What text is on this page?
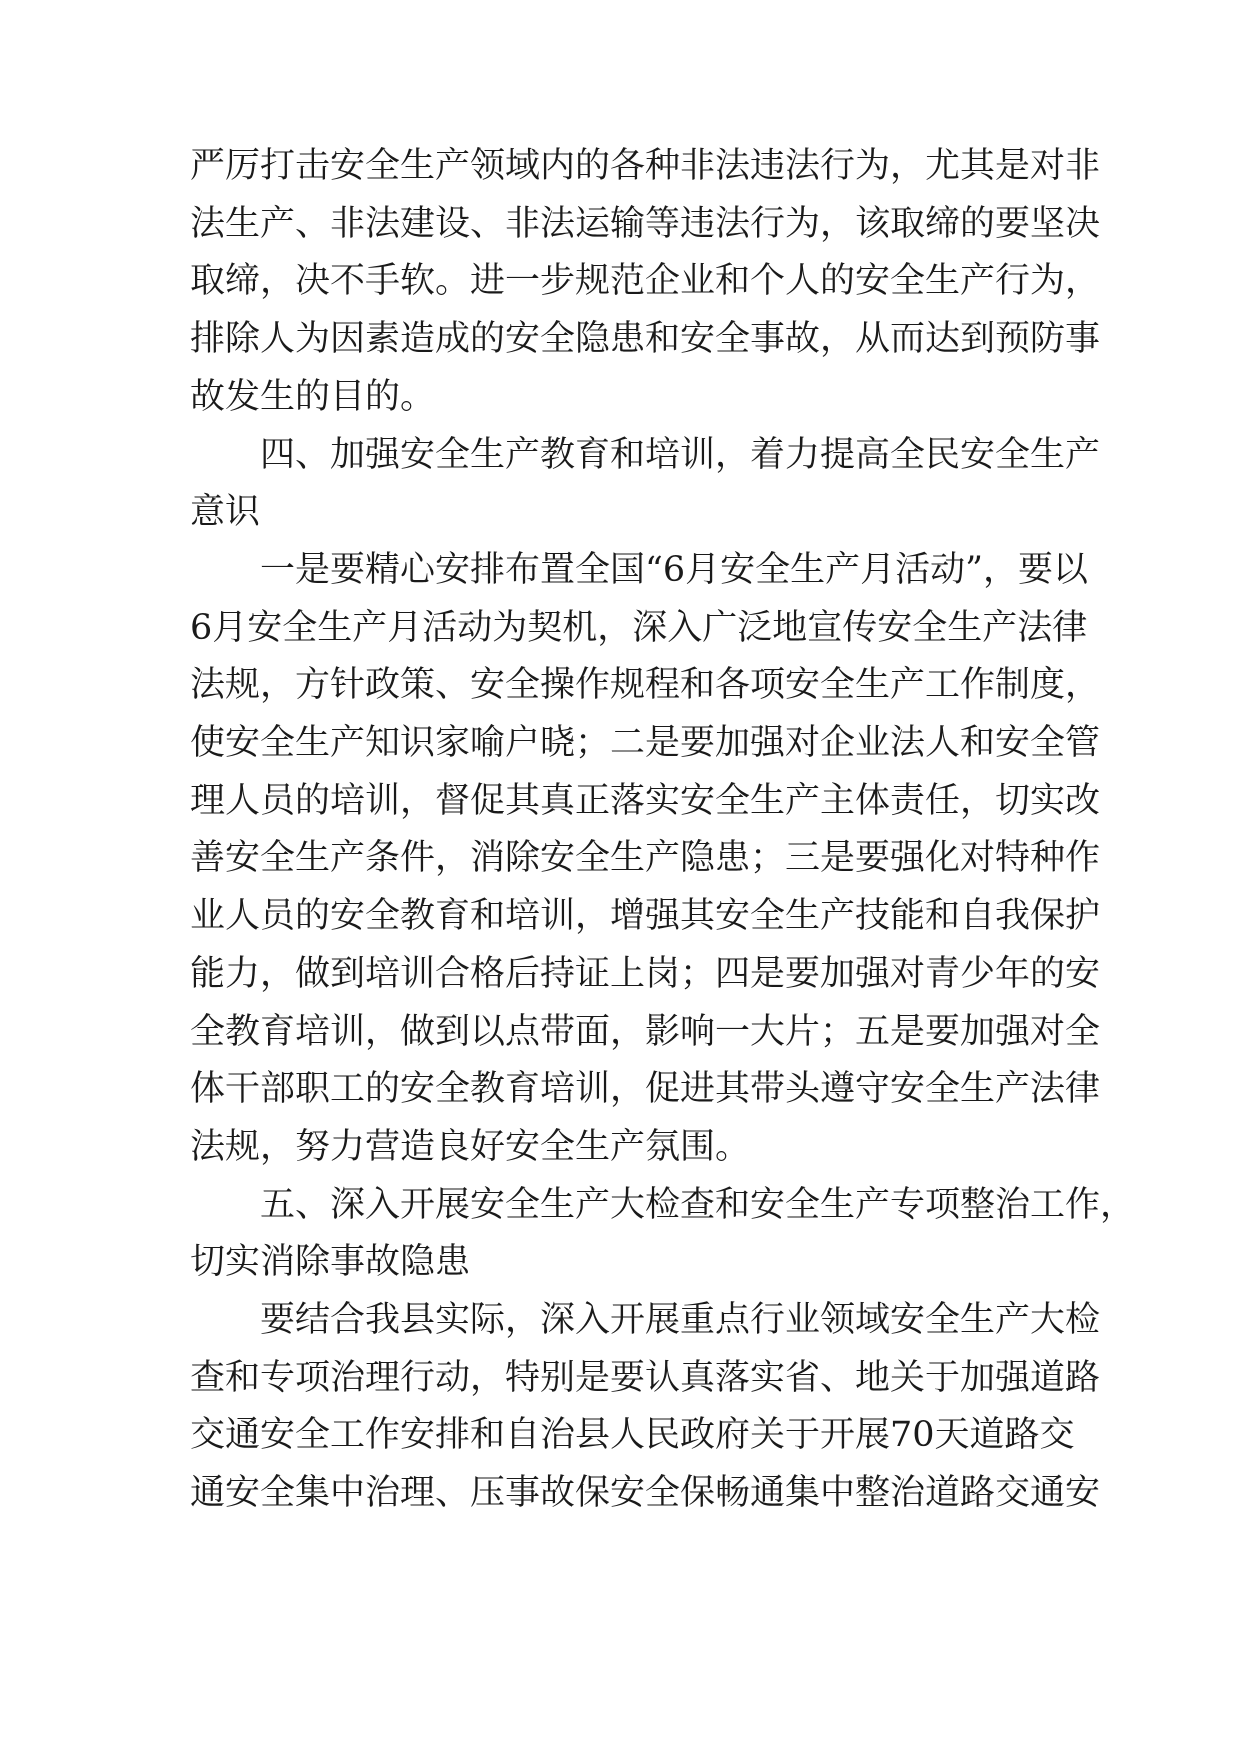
严厉打击安全生产领域内的各种非法违法行为，尤其是对非

法生产、非法建设、非法运输等违法行为，该取缔的要坚决

取缔，决不手软。进一步规范企业和个人的安全生产行为，

排除人为因素造成的安全隐患和安全事故，从而达到预防事

故发生的目的。

四、加强安全生产教育和培训，着力提高全民安全生产

意识

一是要精心安排布置全国“6月安全生产月活动”，要以

6月安全生产月活动为契机，深入广泛地宣传安全生产法律

法规，方针政策、安全操作规程和各项安全生产工作制度，

使安全生产知识家喻户晓；二是要加强对企业法人和安全管

理人员的培训，督促其真正落实安全生产主体责任，切实改

善安全生产条件，消除安全生产隐患；三是要强化对特种作

业人员的安全教育和培训，增强其安全生产技能和自我保护

能力，做到培训合格后持证上岗；四是要加强对青少年的安

全教育培训，做到以点带面，影响一大片；五是要加强对全

体干部职工的安全教育培训，促进其带头遵守安全生产法律

法规，努力营造良好安全生产氛围。

五、深入开展安全生产大检查和安全生产专项整治工作，

切实消除事故隐患

要结合我县实际，深入开展重点行业领域安全生产大检

查和专项治理行动，特别是要认真落实省、地关于加强道路

交通安全工作安排和自治县人民政府关于开展70天道路交

通安全集中治理、压事故保安全保畅通集中整治道路交通安
